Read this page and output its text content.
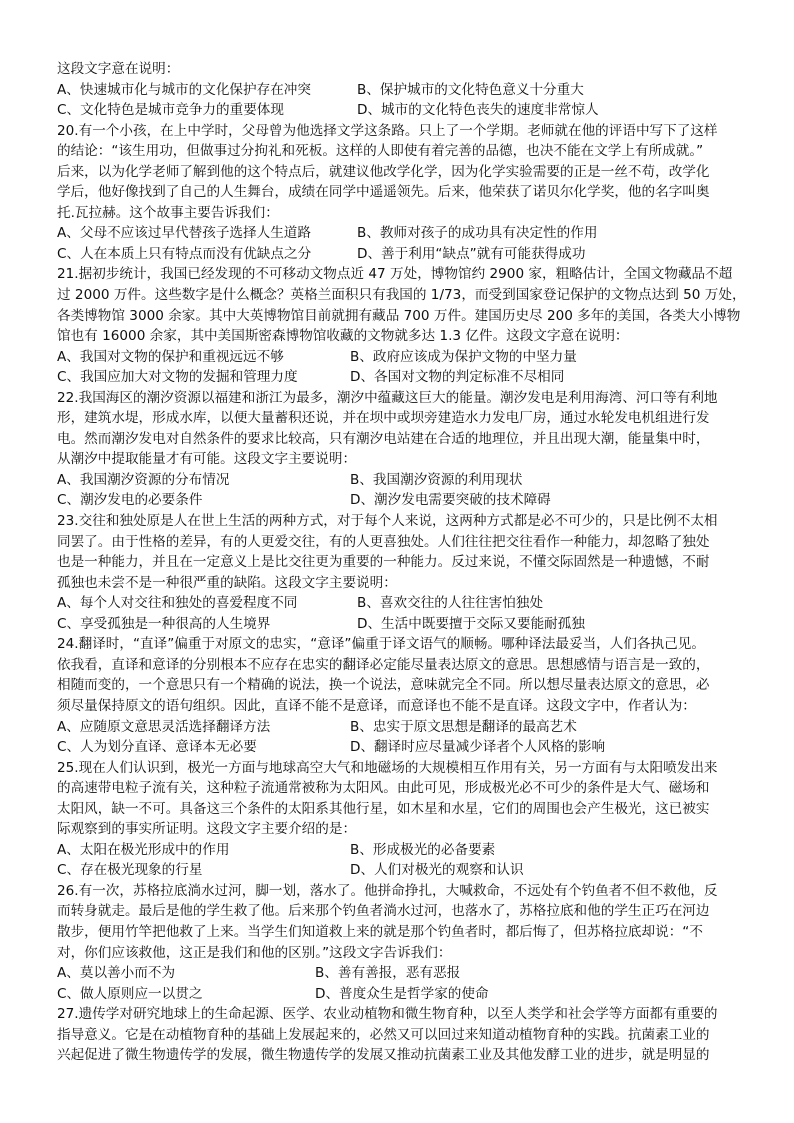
这段文字意在说明：
A、快速城市化与城市的文化保护存在冲突	B、保护城市的文化特色意义十分重大
C、文化特色是城市竞争力的重要体现	D、城市的文化特色丧失的速度非常惊人
20.有一个小孩，在上中学时，父母曾为他选择文学这条路。只上了一个学期。老师就在他的评语中写下了这样
的结论：“该生用功，但做事过分拘礼和死板。这样的人即使有着完善的品德，也决不能在文学上有所成就。”
后来，以为化学老师了解到他的这个特点后，就建议他改学化学，因为化学实验需要的正是一丝不苟，改学化
学后，他好像找到了自己的人生舞台，成绩在同学中遥遥领先。后来，他荣获了诺贝尔化学奖，他的名字叫奥
托.瓦拉赫。这个故事主要告诉我们：
A、父母不应该过早代替孩子选择人生道路	B、教师对孩子的成功具有决定性的作用
C、人在本质上只有特点而没有优缺点之分	D、善于利用“缺点”就有可能获得成功
21.据初步统计，我国已经发现的不可移动文物点近 47 万处，博物馆约 2900 家，粗略估计，全国文物藏品不超
过 2000 万件。这些数字是什么概念？英格兰面积只有我国的 1/73，而受到国家登记保护的文物点达到 50 万处，
各类博物馆 3000 余家。其中大英博物馆目前就拥有藏品 700 万件。建国历史尽 200 多年的美国，各类大小博物
馆也有 16000 余家，其中美国斯密森博物馆收藏的文物就多达 1.3 亿件。这段文字意在说明：
A、我国对文物的保护和重视远远不够	B、政府应该成为保护文物的中坚力量
C、我国应加大对文物的发掘和管理力度	D、各国对文物的判定标准不尽相同
22.我国海区的潮汐资源以福建和浙江为最多，潮汐中蕴藏这巨大的能量。潮汐发电是利用海湾、河口等有利地
形，建筑水堤，形成水库，以便大量蓄积还说，并在坝中或坝旁建造水力发电厂房，通过水轮发电机组进行发
电。然而潮汐发电对自然条件的要求比较高，只有潮汐电站建在合适的地理位，并且出现大潮，能量集中时，
从潮汐中提取能量才有可能。这段文字主要说明：
A、我国潮汐资源的分布情况	B、我国潮汐资源的利用现状
C、潮汐发电的必要条件	D、潮汐发电需要突破的技术障碍
23.交往和独处原是人在世上生活的两种方式，对于每个人来说，这两种方式都是必不可少的，只是比例不太相
同罢了。由于性格的差异，有的人更爱交往，有的人更喜独处。人们往往把交往看作一种能力，却忽略了独处
也是一种能力，并且在一定意义上是比交往更为重要的一种能力。反过来说，不懂交际固然是一种遗憾，不耐
孤独也未尝不是一种很严重的缺陷。这段文字主要说明：
A、每个人对交往和独处的喜爱程度不同	B、喜欢交往的人往往害怕独处
C、享受孤独是一种很高的人生境界	D、生活中既要擅于交际又要能耐孤独
24.翻译时，“直译”偏重于对原文的忠实，“意译”偏重于译文语气的顺畅。哪种译法最妥当，人们各执己见。
依我看，直译和意译的分别根本不应存在忠实的翻译必定能尽量表达原文的意思。思想感情与语言是一致的，
相随而变的，一个意思只有一个精确的说法，换一个说法，意味就完全不同。所以想尽量表达原文的意思，必
须尽量保持原文的语句组织。因此，直译不能不是意译，而意译也不能不是直译。这段文字中，作者认为：
A、应随原文意思灵活选择翻译方法	B、忠实于原文思想是翻译的最高艺术
C、人为划分直译、意译本无必要	D、翻译时应尽量减少译者个人风格的影响
25.现在人们认识到，极光一方面与地球高空大气和地磁场的大规模相互作用有关，另一方面有与太阳喷发出来
的高速带电粒子流有关，这种粒子流通常被称为太阳风。由此可见，形成极光必不可少的条件是大气、磁场和
太阳风，缺一不可。具备这三个条件的太阳系其他行星，如木星和水星，它们的周围也会产生极光，这已被实
际观察到的事实所证明。这段文字主要介绍的是：
A、太阳在极光形成中的作用	B、形成极光的必备要素
C、存在极光现象的行星	D、人们对极光的观察和认识
26.有一次，苏格拉底淌水过河，脚一划，落水了。他拼命挣扎，大喊救命，不远处有个钓鱼者不但不救他，反
而转身就走。最后是他的学生救了他。后来那个钓鱼者淌水过河，也落水了，苏格拉底和他的学生正巧在河边
散步，便用竹竿把他救了上来。当学生们知道救上来的就是那个钓鱼者时，都后悔了，但苏格拉底却说：“不
对，你们应该救他，这正是我们和他的区别。”这段文字告诉我们：
A、莫以善小而不为	B、善有善报，恶有恶报
C、做人原则应一以贯之	D、普度众生是哲学家的使命
27.遗传学对研究地球上的生命起源、医学、农业动植物和微生物育种，以至人类学和社会学等方面都有重要的
指导意义。它是在动植物育种的基础上发展起来的，必然又可以回过来知道动植物育种的实践。抗菌素工业的
兴起促进了微生物遗传学的发展，微生物遗传学的发展又推动抗菌素工业及其他发酵工业的进步，就是明显的
